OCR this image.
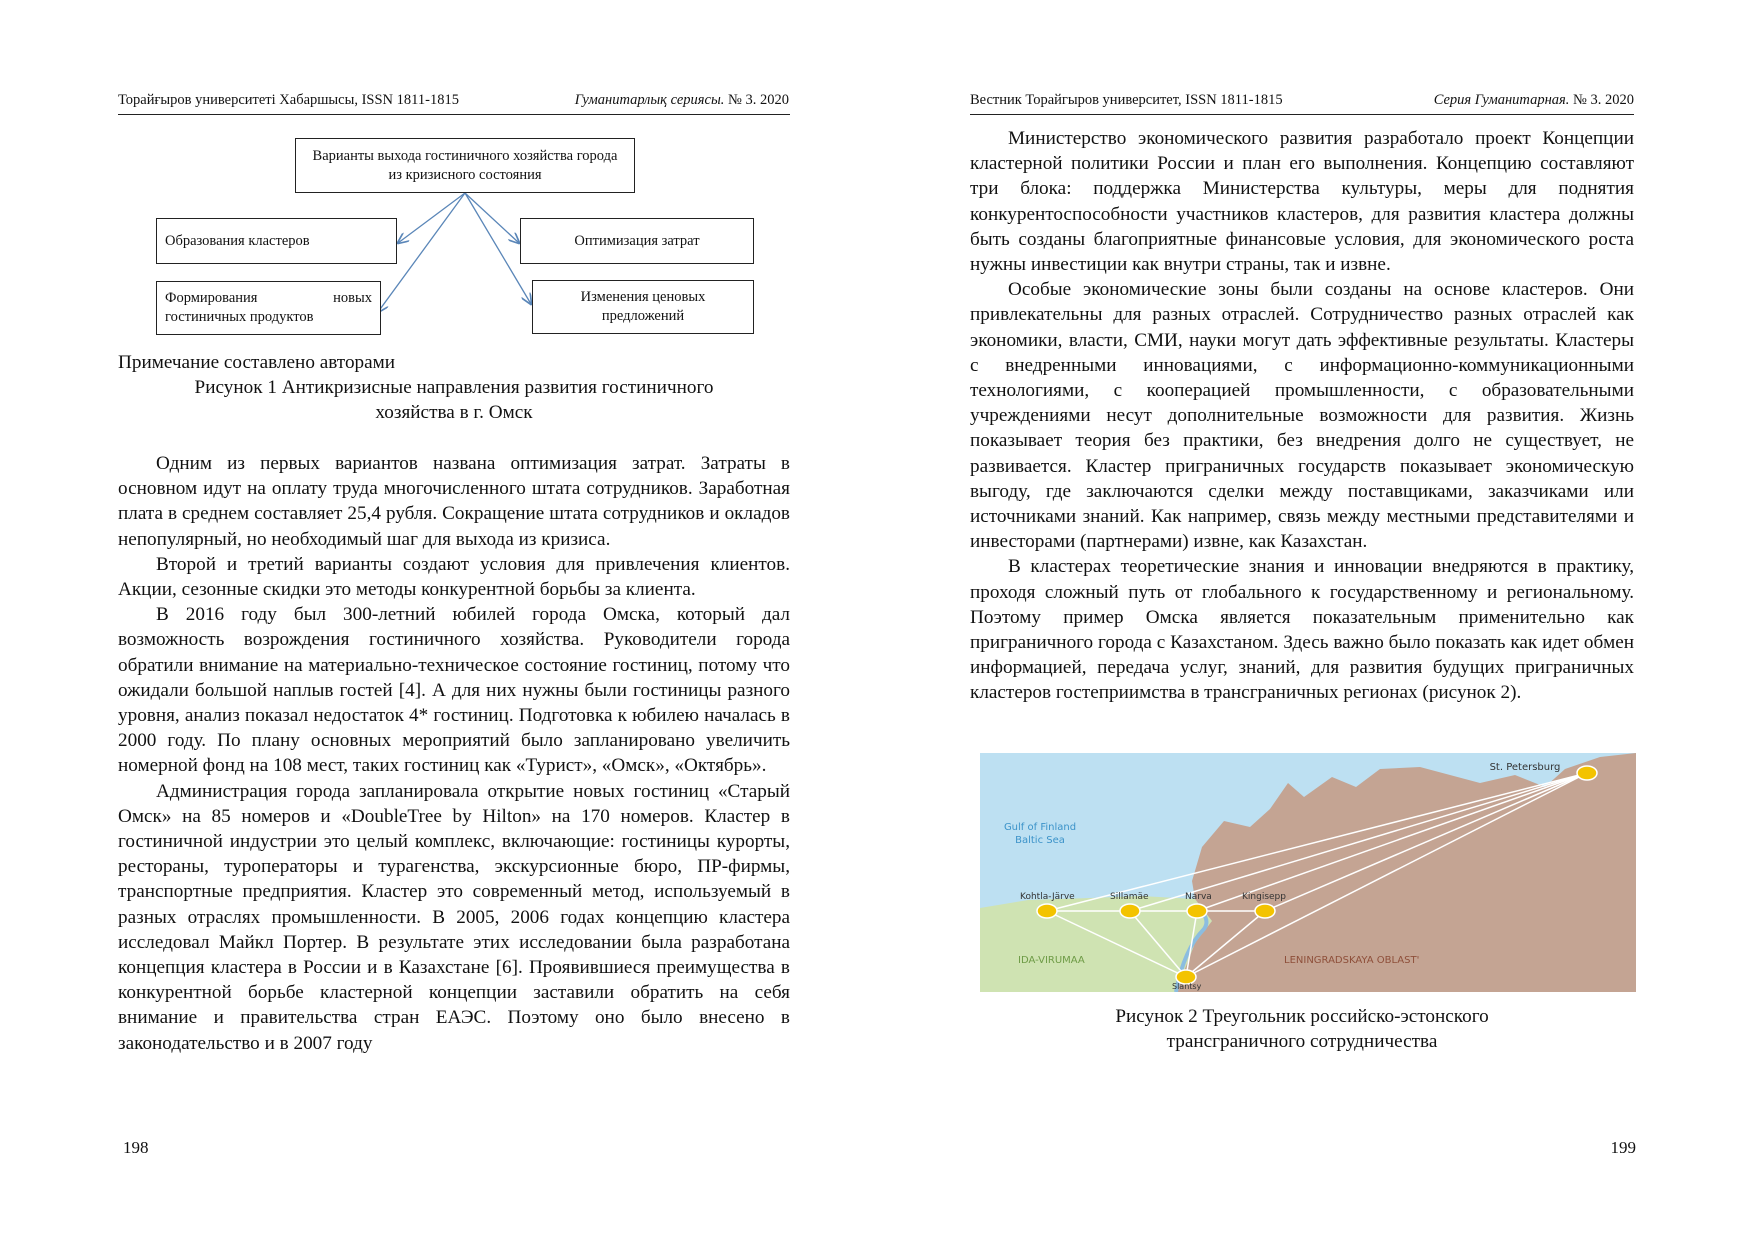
Торайғыров университеті Хабаршысы, ISSN 1811-1815	Гуманитарлық сериясы. № 3. 2020
Варианты выхода гостиничного хозяйства города из кризисного состояния
Образования кластеров
Формирования новых гостиничных продуктов
Оптимизация затрат
Изменения ценовых предложений
Примечание составлено авторами
Рисунок 1 Антикризисные направления развития гостиничного
хозяйства в г. Омск

Одним из первых вариантов названа оптимизация затрат. Затраты в основном идут на оплату труда многочисленного штата сотрудников. Заработная плата в среднем составляет 25,4 рубля. Сокращение штата сотрудников и окладов непопулярный, но необходимый шаг для выхода из кризиса.

Второй и третий варианты создают условия для привлечения клиентов. Акции, сезонные скидки это методы конкурентной борьбы за клиента.

В 2016 году был 300-летний юбилей города Омска, который дал возможность возрождения гостиничного хозяйства. Руководители города обратили внимание на материально-техническое состояние гостиниц, потому что ожидали большой наплыв гостей [4]. А для них нужны были гостиницы разного уровня, анализ показал недостаток 4* гостиниц. Подготовка к юбилею началась в 2000 году. По плану основных мероприятий было запланировано увеличить номерной фонд на 108 мест, таких гостиниц как «Турист», «Омск», «Октябрь».

Администрация города запланировала открытие новых гостиниц «Старый Омск» на 85 номеров и «DoubleTree by Hilton» на 170 номеров. Кластер в гостиничной индустрии это целый комплекс, включающие: гостиницы курорты, рестораны, туроператоры и турагенства, экскурсионные бюро, ПР-фирмы, транспортные предприятия. Кластер это современный метод, используемый в разных отраслях промышленности. В 2005, 2006 годах концепцию кластера исследовал Майкл Портер. В результате этих исследовании была разработана концепция кластера в России и в Казахстане [6]. Проявившиеся преимущества в конкурентной борьбе кластерной концепции заставили обратить на себя внимание и правительства стран ЕАЭС. Поэтому оно было внесено в законодательство и в 2007 году

198
Вестник Торайгыров университет, ISSN 1811-1815	Серия Гуманитарная. № 3. 2020

Министерство экономического развития разработало проект Концепции кластерной политики России и план его выполнения. Концепцию составляют три блока: поддержка Министерства культуры, меры для поднятия конкурентоспособности участников кластеров, для развития кластера должны быть созданы благоприятные финансовые условия, для экономического роста нужны инвестиции как внутри страны, так и извне.

Особые экономические зоны были созданы на основе кластеров. Они привлекательны для разных отраслей. Сотрудничество разных отраслей как экономики, власти, СМИ, науки могут дать эффективные результаты. Кластеры с внедренными инновациями, с информационно-коммуникационными технологиями, с кооперацией промышленности, с образовательными учреждениями несут дополнительные возможности для развития. Жизнь показывает теория без практики, без внедрения долго не существует, не развивается. Кластер приграничных государств показывает экономическую выгоду, где заключаются сделки между поставщиками, заказчиками или источниками знаний. Как например, связь между местными представителями и инвесторами (партнерами) извне, как Казахстан.

В кластерах теоретические знания и инновации внедряются в практику, проходя сложный путь от глобального к государственному и региональному. Поэтому пример Омска является показательным применительно как приграничного города с Казахстаном. Здесь важно было показать как идет обмен информацией, передача услуг, знаний, для развития будущих приграничных кластеров гостеприимства в трансграничных регионах (рисунок 2).

Gulf of Finland
Baltic Sea
St. Petersburg
Kohtla-Järve	Sillamäe	Narva	Kingisepp
Slantsy
IDA-VIRUMAA	LENINGRADSKAYA OBLAST'
Рисунок 2 Треугольник российско-эстонского
трансграничного сотрудничества
199
